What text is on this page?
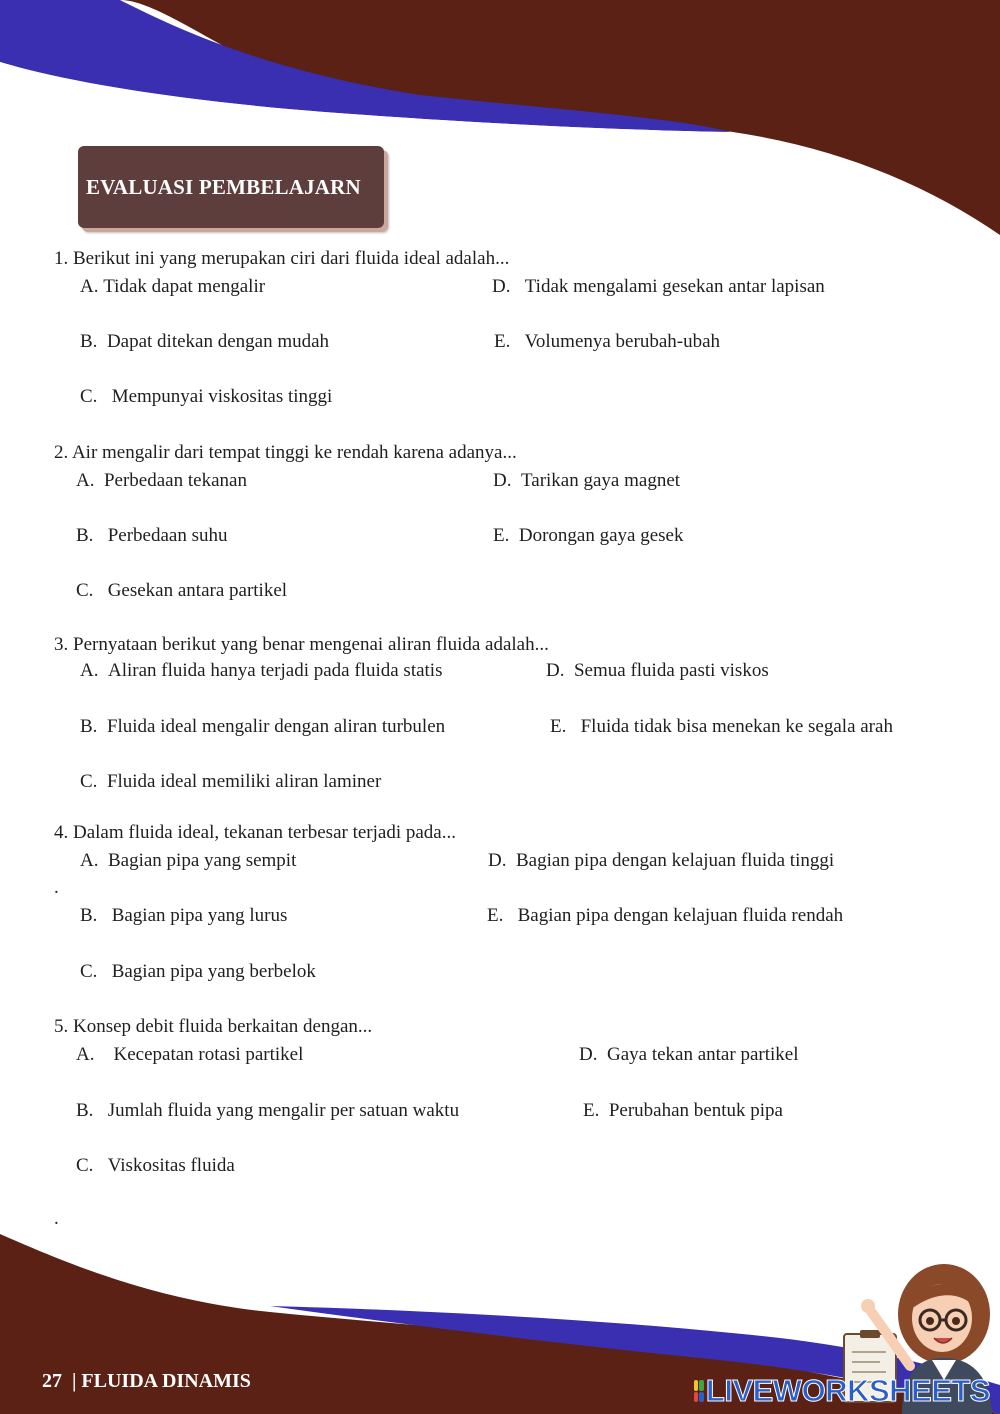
EVALUASI PEMBELAJARN
1. Berikut ini yang merupakan ciri dari fluida ideal adalah...
A. Tidak dapat mengalir
B. Dapat ditekan dengan mudah
C. Mempunyai viskositas tinggi
D. Tidak mengalami gesekan antar lapisan
E. Volumenya berubah-ubah
2. Air mengalir dari tempat tinggi ke rendah karena adanya...
A. Perbedaan tekanan
B. Perbedaan suhu
C. Gesekan antara partikel
D. Tarikan gaya magnet
E. Dorongan gaya gesek
3. Pernyataan berikut yang benar mengenai aliran fluida adalah...
A. Aliran fluida hanya terjadi pada fluida statis
B. Fluida ideal mengalir dengan aliran turbulen
C. Fluida ideal memiliki aliran laminer
D. Semua fluida pasti viskos
E. Fluida tidak bisa menekan ke segala arah
4. Dalam fluida ideal, tekanan terbesar terjadi pada...
A. Bagian pipa yang sempit
.
B. Bagian pipa yang lurus
C. Bagian pipa yang berbelok
D. Bagian pipa dengan kelajuan fluida tinggi
E. Bagian pipa dengan kelajuan fluida rendah
5. Konsep debit fluida berkaitan dengan...
A. Kecepatan rotasi partikel
B. Jumlah fluida yang mengalir per satuan waktu
C. Viskositas fluida
D. Gaya tekan antar partikel
E. Perubahan bentuk pipa
.
27 | FLUIDA DINAMIS	LIVEWORKSHEETS
